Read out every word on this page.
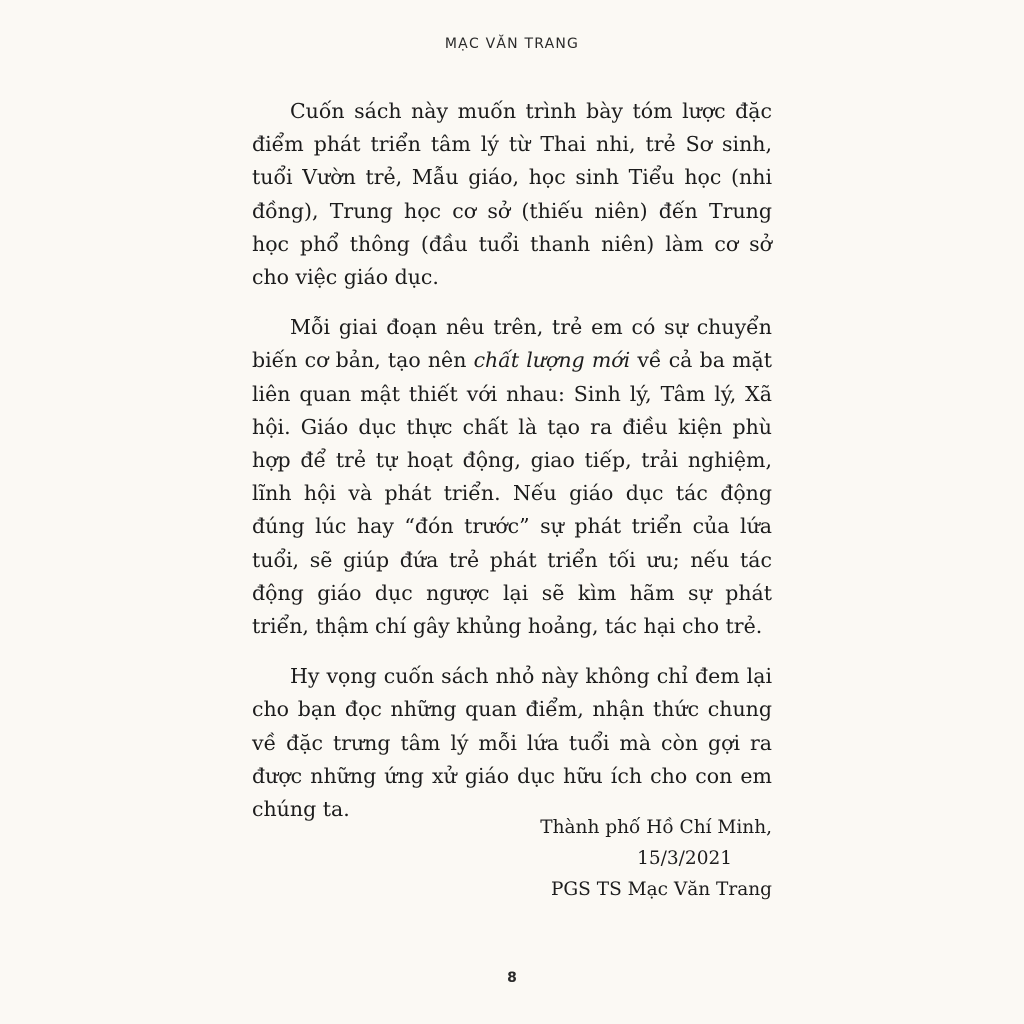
MẠC VĂN TRANG

Cuốn sách này muốn trình bày tóm lược đặc điểm phát triển tâm lý từ Thai nhi, trẻ Sơ sinh, tuổi Vườn trẻ, Mẫu giáo, học sinh Tiểu học (nhi đồng), Trung học cơ sở (thiếu niên) đến Trung học phổ thông (đầu tuổi thanh niên) làm cơ sở cho việc giáo dục.

Mỗi giai đoạn nêu trên, trẻ em có sự chuyển biến cơ bản, tạo nên chất lượng mới về cả ba mặt liên quan mật thiết với nhau: Sinh lý, Tâm lý, Xã hội. Giáo dục thực chất là tạo ra điều kiện phù hợp để trẻ tự hoạt động, giao tiếp, trải nghiệm, lĩnh hội và phát triển. Nếu giáo dục tác động đúng lúc hay “đón trước” sự phát triển của lứa tuổi, sẽ giúp đứa trẻ phát triển tối ưu; nếu tác động giáo dục ngược lại sẽ kìm hãm sự phát triển, thậm chí gây khủng hoảng, tác hại cho trẻ.

Hy vọng cuốn sách nhỏ này không chỉ đem lại cho bạn đọc những quan điểm, nhận thức chung về đặc trưng tâm lý mỗi lứa tuổi mà còn gợi ra được những ứng xử giáo dục hữu ích cho con em chúng ta.

Thành phố Hồ Chí Minh,
15/3/2021
PGS TS Mạc Văn Trang
8
